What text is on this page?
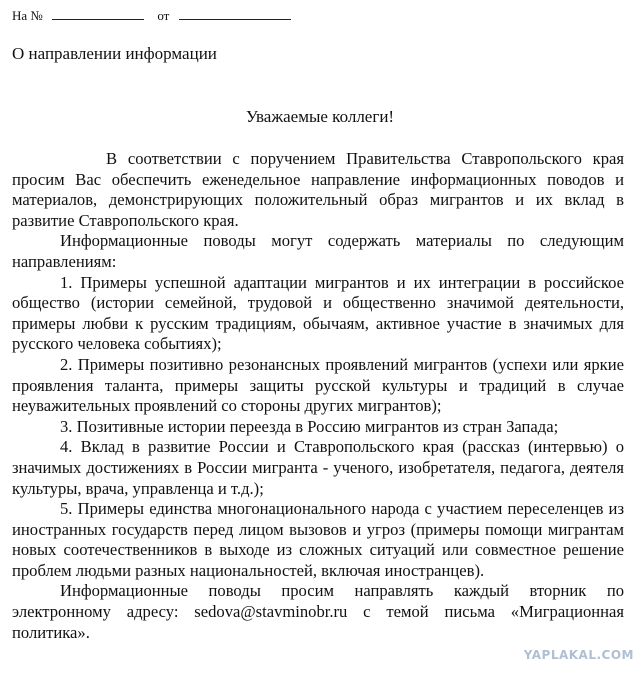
На №	от
О направлении информации
Уважаемые коллеги!

В соответствии с поручением Правительства Ставропольского края просим Вас обеспечить еженедельное направление информационных поводов и материалов, демонстрирующих положительный образ мигрантов и их вклад в развитие Ставропольского края.

Информационные поводы могут содержать материалы по следующим направлениям:

1. Примеры успешной адаптации мигрантов и их интеграции в российское общество (истории семейной, трудовой и общественно значимой деятельности, примеры любви к русским традициям, обычаям, активное участие в значимых для русского человека событиях);

2. Примеры позитивно резонансных проявлений мигрантов (успехи или яркие проявления таланта, примеры защиты русской культуры и традиций в случае неуважительных проявлений со стороны других мигрантов);

3. Позитивные истории переезда в Россию мигрантов из стран Запада;

4. Вклад в развитие России и Ставропольского края (рассказ (интервью) о значимых достижениях в России мигранта - ученого, изобретателя, педагога, деятеля культуры, врача, управленца и т.д.);

5. Примеры единства многонационального народа с участием переселенцев из иностранных государств перед лицом вызовов и угроз (примеры помощи мигрантам новых соотечественников в выходе из сложных ситуаций или совместное решение проблем людьми разных национальностей, включая иностранцев).

Информационные поводы просим направлять каждый вторник по электронному адресу: sedova@stavminobr.ru с темой письма «Миграционная политика».

YAPLAKAL.COM
